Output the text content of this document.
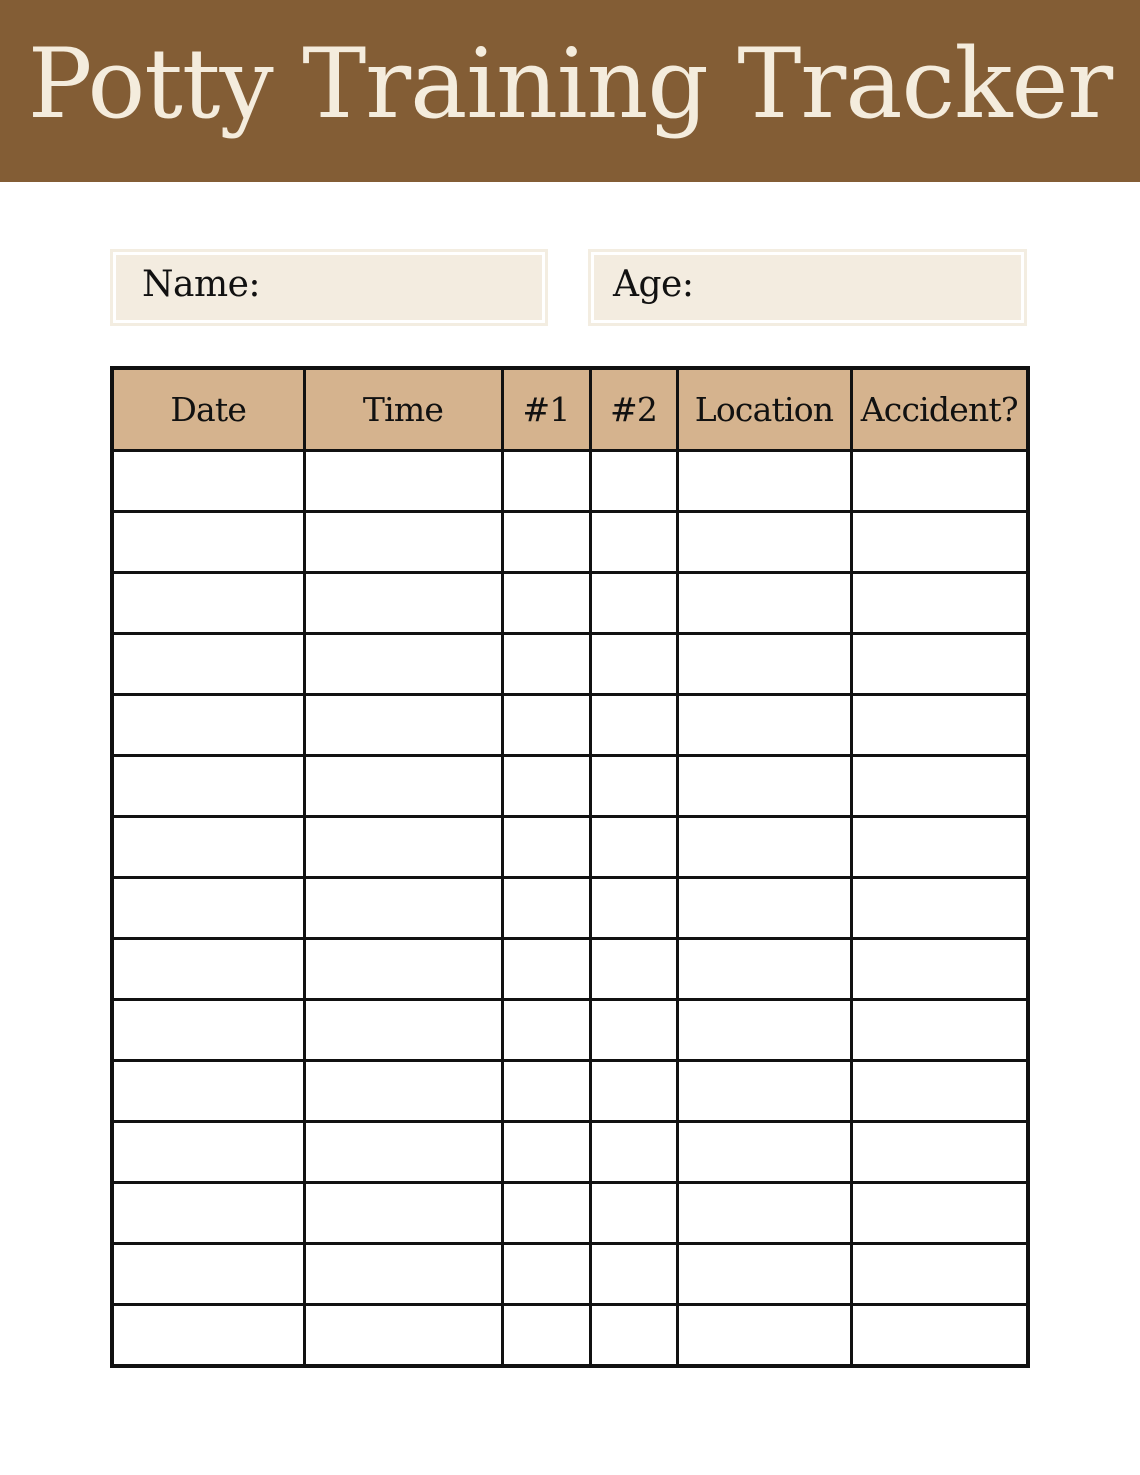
Potty Training Tracker
Name:	Age:
Date	Time	#1	#2	Location	Accident?
